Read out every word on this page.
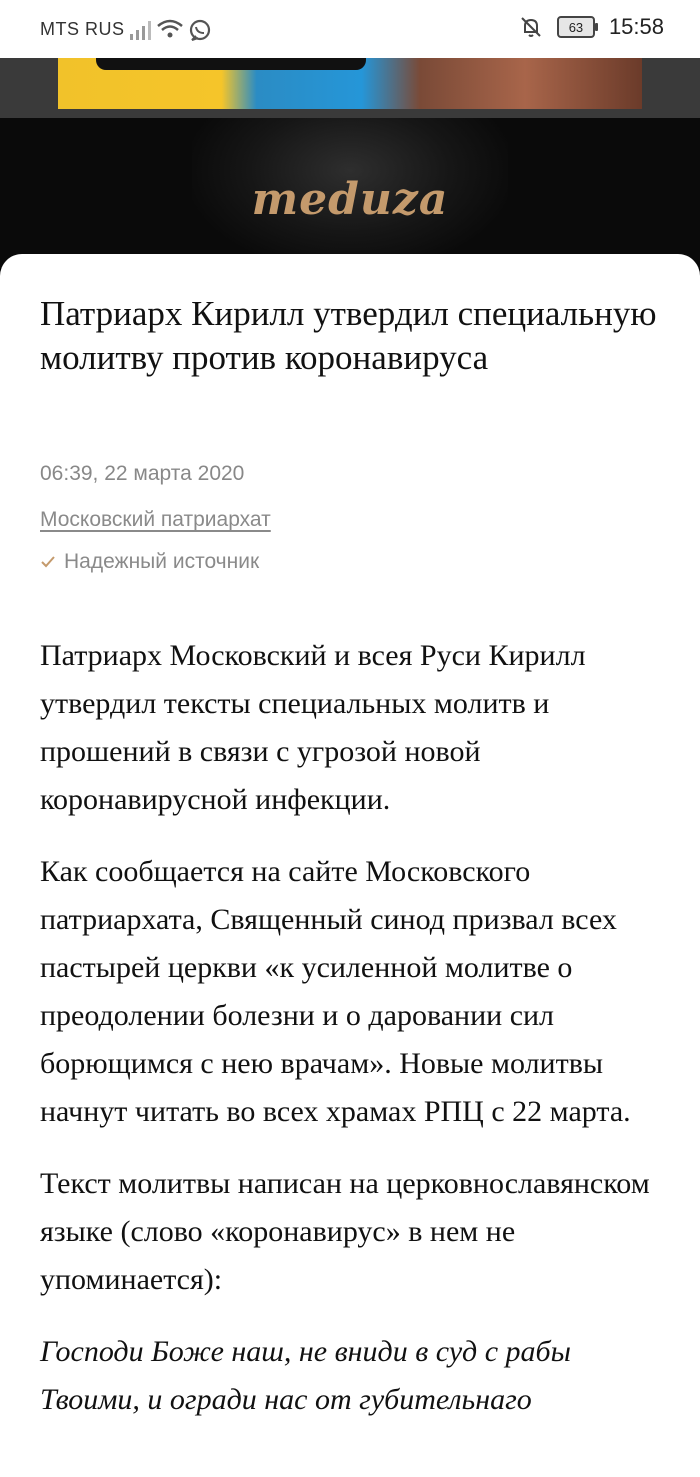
MTS RUS	63 15:58
meduza
Патриарх Кирилл утвердил специальную молитву против коронавируса
06:39, 22 марта 2020
Московский патриархат
Надежный источник

Патриарх Московский и всея Руси Кирилл утвердил тексты специальных молитв и прошений в связи с угрозой новой коронавирусной инфекции.

Как сообщается на сайте Московского патриархата, Священный синод призвал всех пастырей церкви «к усиленной молитве о преодолении болезни и о даровании сил борющимся с нею врачам». Новые молитвы начнут читать во всех храмах РПЦ с 22 марта.

Текст молитвы написан на церковнославянском языке (слово «коронавирус» в нем не упоминается):

Господи Боже наш, не вниди в суд с рабы Твоими, и огради нас от губительнаго
